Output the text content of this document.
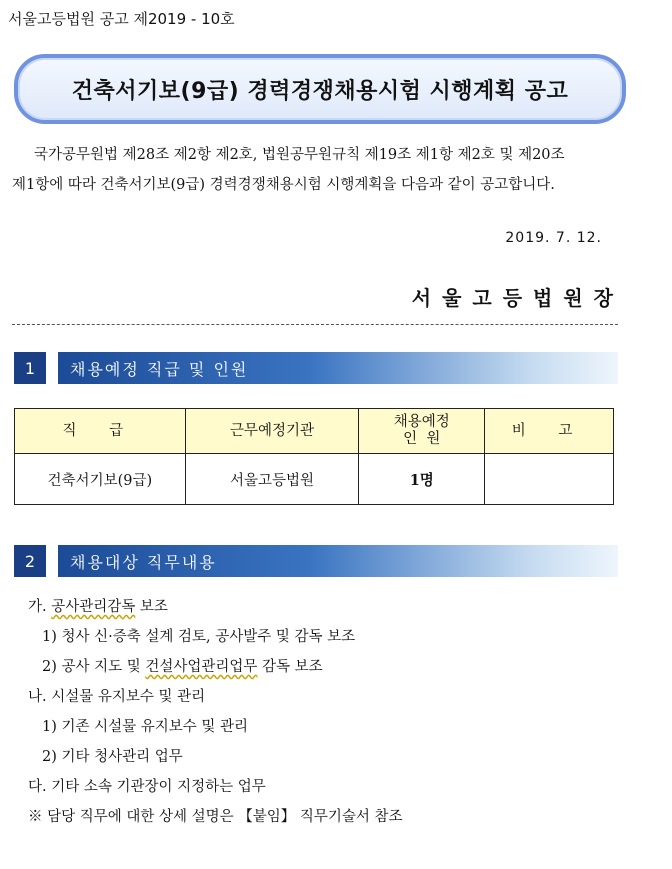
서울고등법원 공고 제2019 - 10호
건축서기보(9급) 경력경쟁채용시험 시행계획 공고

국가공무원법 제28조 제2항 제2호, 법원공무원규칙 제19조 제1항 제2호 및 제20조

제1항에 따라 건축서기보(9급) 경력경쟁채용시험 시행계획을 다음과 같이 공고합니다.

2019. 7. 12.
서울고등법원장
1	채용예정 직급 및 인원
직 급	근무예정기관	채용예정
인  원	비 고
건축서기보(9급)	서울고등법원	1명	
2	채용대상 직무내용
가. 공사관리감독 보조
1) 청사 신·증축 설계 검토, 공사발주 및 감독 보조
2) 공사 지도 및 건설사업관리업무 감독 보조
나. 시설물 유지보수 및 관리
1) 기존 시설물 유지보수 및 관리
2) 기타 청사관리 업무
다. 기타 소속 기관장이 지정하는 업무
※ 담당 직무에 대한 상세 설명은 【붙임】 직무기술서 참조
